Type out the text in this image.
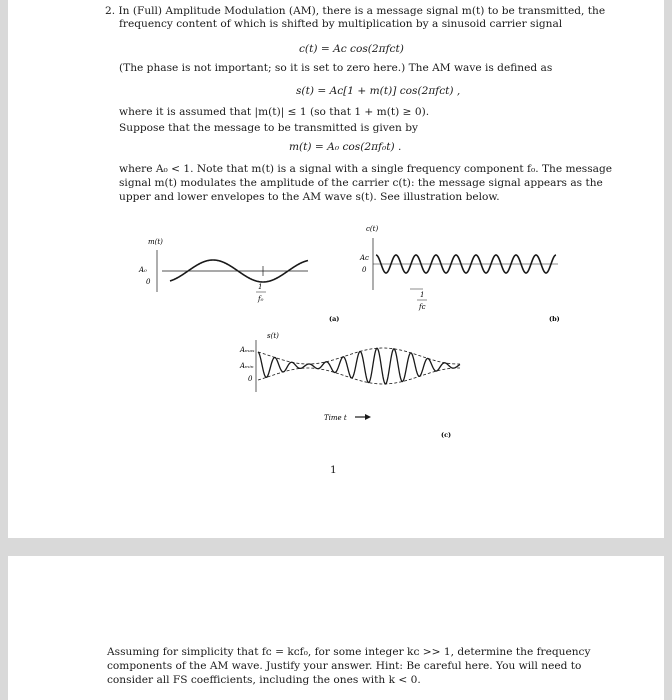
2. In (Full) Amplitude Modulation (AM), there is a message signal m(t) to be transmitted, the
frequency content of which is shifted by multiplication by a sinusoid carrier signal
c(t) = Aᴄ cos(2πfᴄt)
(The phase is not important; so it is set to zero here.) The AM wave is defined as
s(t) = Aᴄ[1 + m(t)] cos(2πfᴄt) ,
where it is assumed that |m(t)| ≤ 1 (so that 1 + m(t) ≥ 0).
Suppose that the message to be transmitted is given by
m(t) = A₀ cos(2πf₀t) .
where A₀ < 1. Note that m(t) is a signal with a single frequency component f₀. The message
signal m(t) modulates the amplitude of the carrier c(t): the message signal appears as the
upper and lower envelopes to the AM wave s(t). See illustration below.
m(t)
A₀
0
1
f₀
c(t)
Aᴄ
0
1
fᴄ
(a)	(b)
s(t)
Aₘₐₓ
Aₘᵢₙ
0
Time t
(c)
1
Assuming for simplicity that fᴄ = kᴄf₀, for some integer kᴄ >> 1, determine the frequency
components of the AM wave. Justify your answer. Hint: Be careful here. You will need to
consider all FS coefficients, including the ones with k < 0.
